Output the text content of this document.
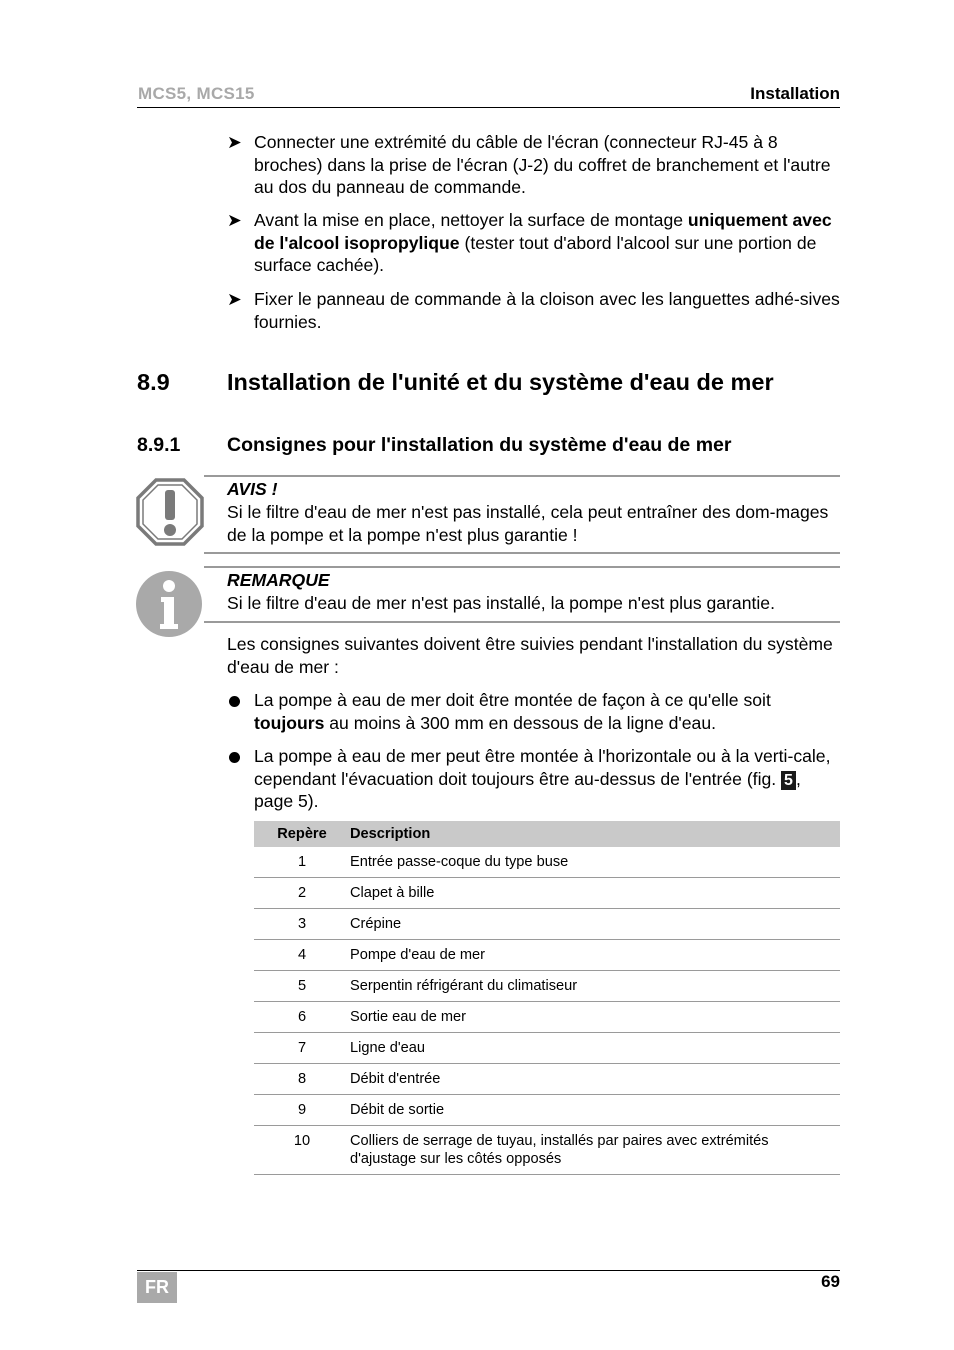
MCS5, MCS15	Installation
➤ Connecter une extrémité du câble de l'écran (connecteur RJ-45 à 8 broches) dans la prise de l'écran (J-2) du coffret de branchement et l'autre au dos du panneau de commande.
➤ Avant la mise en place, nettoyer la surface de montage uniquement avec de l'alcool isopropylique (tester tout d'abord l'alcool sur une portion de surface cachée).
➤ Fixer le panneau de commande à la cloison avec les languettes adhé-sives fournies.
8.9 Installation de l'unité et du système d'eau de mer
8.9.1 Consignes pour l'installation du système d'eau de mer
AVIS !
Si le filtre d'eau de mer n'est pas installé, cela peut entraîner des dom-mages de la pompe et la pompe n'est plus garantie !
REMARQUE
Si le filtre d'eau de mer n'est pas installé, la pompe n'est plus garantie.
Les consignes suivantes doivent être suivies pendant l'installation du système d'eau de mer :
La pompe à eau de mer doit être montée de façon à ce qu'elle soit toujours au moins à 300 mm en dessous de la ligne d'eau.
La pompe à eau de mer peut être montée à l'horizontale ou à la verti-cale, cependant l'évacuation doit toujours être au-dessus de l'entrée (fig. 5 , page 5).
Repère	Description
1	Entrée passe-coque du type buse
2	Clapet à bille
3	Crépine
4	Pompe d'eau de mer
5	Serpentin réfrigérant du climatiseur
6	Sortie eau de mer
7	Ligne d'eau
8	Débit d'entrée
9	Débit de sortie
10	Colliers de serrage de tuyau, installés par paires avec extrémités d'ajustage sur les côtés opposés
FR	69
